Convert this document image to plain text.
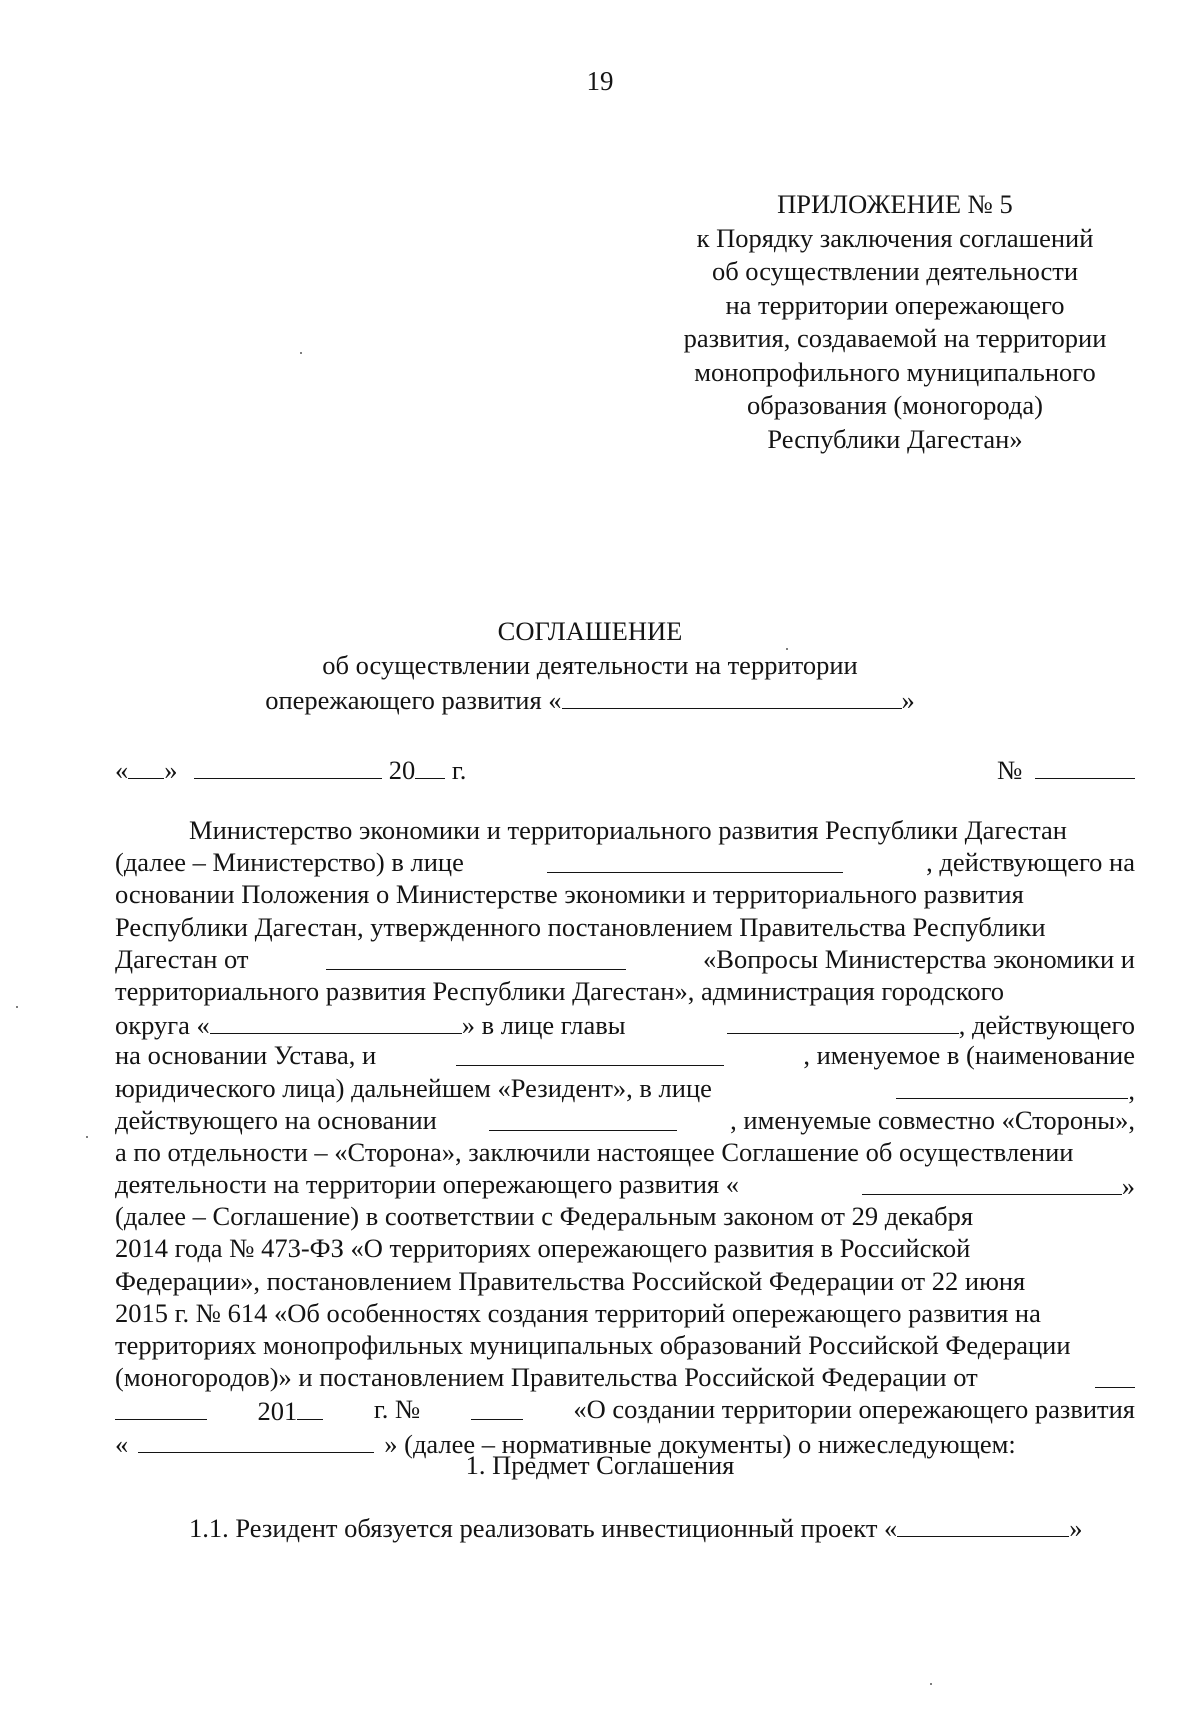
19
ПРИЛОЖЕНИЕ № 5
к Порядку заключения соглашений
об осуществлении деятельности
на территории опережающего
развития, создаваемой на территории
монопрофильного муниципального
образования (моногорода)
Республики Дагестан»
СОГЛАШЕНИЕ
об осуществлении деятельности на территории
опережающего развития «	»
« »	20 г.	№
Министерство экономики и территориального развития Республики Дагестан
(далее – Министерство) в лице	, действующего на
основании Положения о Министерстве экономики и территориального развития
Республики Дагестан, утвержденного постановлением Правительства Республики
Дагестан от	«Вопросы Министерства экономики и
территориального развития Республики Дагестан», администрация городского
округа «	» в лице главы	, действующего
на основании Устава, и	, именуемое в (наименование
юридического лица) дальнейшем «Резидент», в лице	,
действующего на основании	, именуемые совместно «Стороны»,
а по отдельности – «Сторона», заключили настоящее Соглашение об осуществлении
деятельности на территории опережающего развития «	»
(далее – Соглашение) в соответствии с Федеральным законом от 29 декабря
2014 года № 473-ФЗ «О территориях опережающего развития в Российской
Федерации», постановлением Правительства Российской Федерации от 22 июня
2015 г. № 614 «Об особенностях создания территорий опережающего развития на
территориях монопрофильных муниципальных образований Российской Федерации
(моногородов)» и постановлением Правительства Российской Федерации от
201	г. №	«О создании территории опережающего развития
«	» (далее – нормативные документы) о нижеследующем:
1. Предмет Соглашения
1.1. Резидент обязуется реализовать инвестиционный проект «	»
